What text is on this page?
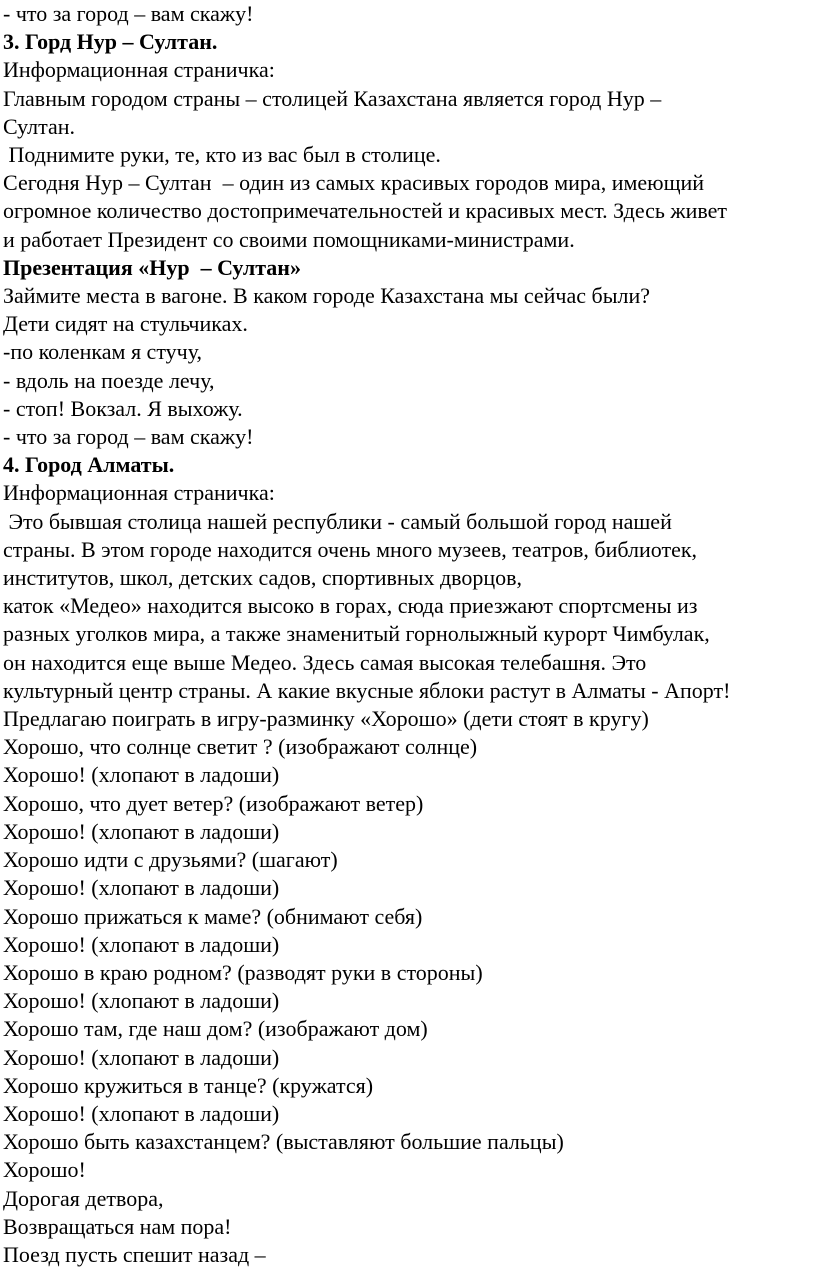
- что за город – вам скажу!
3. Горд Нур – Султан.
Информационная страничка:
Главным городом страны – столицей Казахстана является город Нур –
Султан.
Поднимите руки, те, кто из вас был в столице.
Сегодня Нур – Султан  – один из самых красивых городов мира, имеющий
огромное количество достопримечательностей и красивых мест. Здесь живет
и работает Президент со своими помощниками-министрами.
Презентация «Нур  – Султан»
Займите места в вагоне. В каком городе Казахстана мы сейчас были?
Дети сидят на стульчиках.
-по коленкам я стучу,
- вдоль на поезде лечу,
- стоп! Вокзал. Я выхожу.
- что за город – вам скажу!
4. Город Алматы.
Информационная страничка:
Это бывшая столица нашей республики - самый большой город нашей
страны. В этом городе находится очень много музеев, театров, библиотек,
институтов, школ, детских садов, спортивных дворцов,
каток «Медео» находится высоко в горах, сюда приезжают спортсмены из
разных уголков мира, а также знаменитый горнолыжный курорт Чимбулак,
он находится еще выше Медео. Здесь самая высокая телебашня. Это
культурный центр страны. А какие вкусные яблоки растут в Алматы - Апорт!
Предлагаю поиграть в игру-разминку «Хорошо» (дети стоят в кругу)
Хорошо, что солнце светит ? (изображают солнце)
Хорошо! (хлопают в ладоши)
Хорошо, что дует ветер? (изображают ветер)
Хорошо! (хлопают в ладоши)
Хорошо идти с друзьями? (шагают)
Хорошо! (хлопают в ладоши)
Хорошо прижаться к маме? (обнимают себя)
Хорошо! (хлопают в ладоши)
Хорошо в краю родном? (разводят руки в стороны)
Хорошо! (хлопают в ладоши)
Хорошо там, где наш дом? (изображают дом)
Хорошо! (хлопают в ладоши)
Хорошо кружиться в танце? (кружатся)
Хорошо! (хлопают в ладоши)
Хорошо быть казахстанцем? (выставляют большие пальцы)
Хорошо!
Дорогая детвора,
Возвращаться нам пора!
Поезд пусть спешит назад –
